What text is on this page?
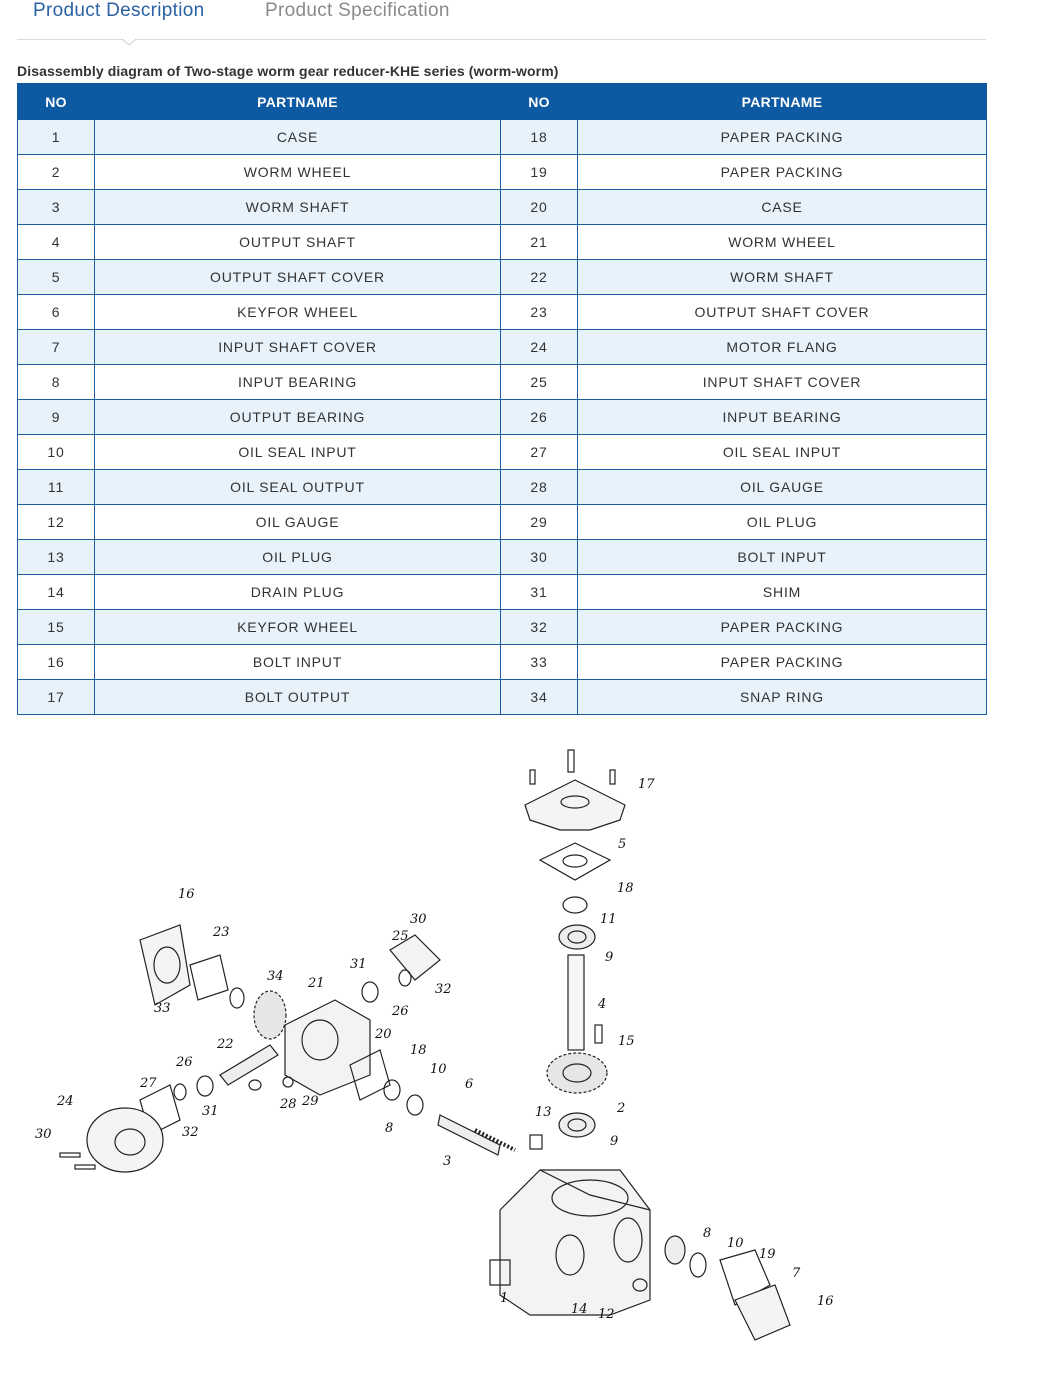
Product Description	Product Specification
Disassembly diagram of Two-stage worm gear reducer-KHE series (worm-worm)
NO	PARTNAME	NO	PARTNAME
1	CASE	18	PAPER PACKING
2	WORM WHEEL	19	PAPER PACKING
3	WORM SHAFT	20	CASE
4	OUTPUT SHAFT	21	WORM WHEEL
5	OUTPUT SHAFT COVER	22	WORM SHAFT
6	KEYFOR WHEEL	23	OUTPUT SHAFT COVER
7	INPUT SHAFT COVER	24	MOTOR FLANG
8	INPUT BEARING	25	INPUT SHAFT COVER
9	OUTPUT BEARING	26	INPUT BEARING
10	OIL SEAL INPUT	27	OIL SEAL INPUT
11	OIL SEAL OUTPUT	28	OIL GAUGE
12	OIL GAUGE	29	OIL PLUG
13	OIL PLUG	30	BOLT INPUT
14	DRAIN PLUG	31	SHIM
15	KEYFOR WHEEL	32	PAPER PACKING
16	BOLT INPUT	33	PAPER PACKING
17	BOLT OUTPUT	34	SNAP RING
16
23
33
34 21
31
25
30
32
26
20
22
26
27
31
32
28 29
18
10
8
6
3
24
30
17
5
18
11
9
4
15
2
9
13
8
10
19
7
16
1
14 12
